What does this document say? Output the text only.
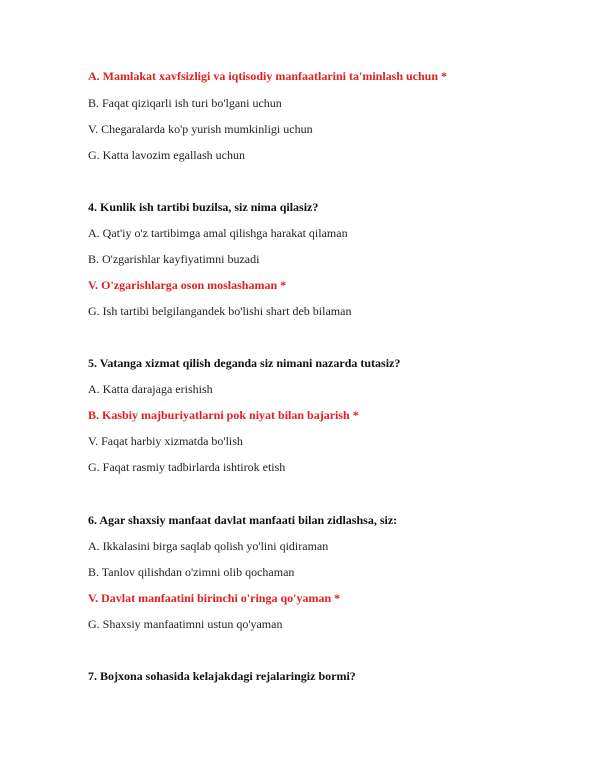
A. Mamlakat xavfsizligi va iqtisodiy manfaatlarini ta'minlash uchun *
B. Faqat qiziqarli ish turi bo'lgani uchun
V. Chegaralarda ko'p yurish mumkinligi uchun
G. Katta lavozim egallash uchun
4. Kunlik ish tartibi buzilsa, siz nima qilasiz?
A. Qat'iy o'z tartibimga amal qilishga harakat qilaman
B. O'zgarishlar kayfiyatimni buzadi
V. O'zgarishlarga oson moslashaman *
G. Ish tartibi belgilangandek bo'lishi shart deb bilaman
5. Vatanga xizmat qilish deganda siz nimani nazarda tutasiz?
A. Katta darajaga erishish
B. Kasbiy majburiyatlarni pok niyat bilan bajarish *
V. Faqat harbiy xizmatda bo'lish
G. Faqat rasmiy tadbirlarda ishtirok etish
6. Agar shaxsiy manfaat davlat manfaati bilan zidlashsa, siz:
A. Ikkalasini birga saqlab qolish yo'lini qidiraman
B. Tanlov qilishdan o'zimni olib qochaman
V. Davlat manfaatini birinchi o'ringa qo'yaman *
G. Shaxsiy manfaatimni ustun qo'yaman
7. Bojxona sohasida kelajakdagi rejalaringiz bormi?
